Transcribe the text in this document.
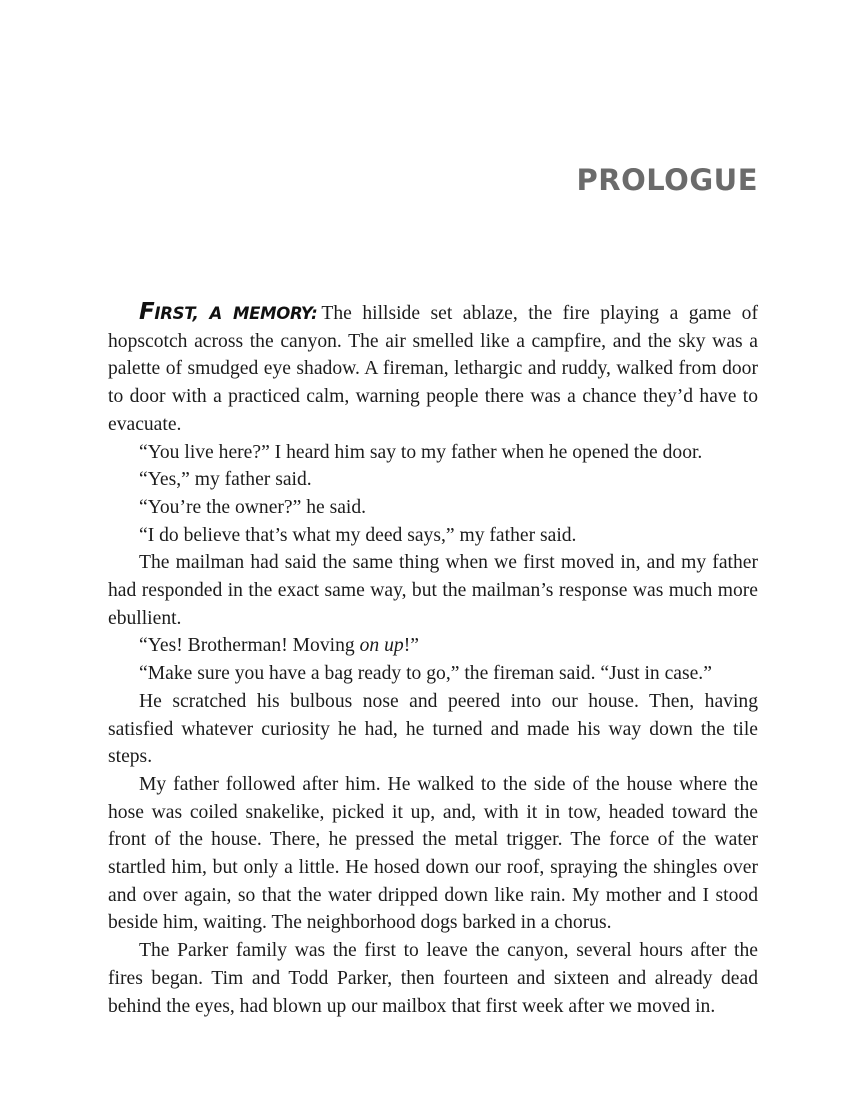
PROLOGUE

FIRST, A MEMORY: The hillside set ablaze, the fire playing a game of hopscotch across the canyon. The air smelled like a campfire, and the sky was a palette of smudged eye shadow. A fireman, lethargic and ruddy, walked from door to door with a practiced calm, warning people there was a chance they’d have to evacuate.

“You live here?” I heard him say to my father when he opened the door.

“Yes,” my father said.

“You’re the owner?” he said.

“I do believe that’s what my deed says,” my father said.

The mailman had said the same thing when we first moved in, and my father had responded in the exact same way, but the mailman’s response was much more ebullient.

“Yes! Brotherman! Moving on up!”

“Make sure you have a bag ready to go,” the fireman said. “Just in case.”

He scratched his bulbous nose and peered into our house. Then, having satisfied whatever curiosity he had, he turned and made his way down the tile steps.

My father followed after him. He walked to the side of the house where the hose was coiled snakelike, picked it up, and, with it in tow, headed toward the front of the house. There, he pressed the metal trigger. The force of the water startled him, but only a little. He hosed down our roof, spraying the shingles over and over again, so that the water dripped down like rain. My mother and I stood beside him, waiting. The neighborhood dogs barked in a chorus.

The Parker family was the first to leave the canyon, several hours after the fires began. Tim and Todd Parker, then fourteen and sixteen and already dead behind the eyes, had blown up our mailbox that first week after we moved in.
